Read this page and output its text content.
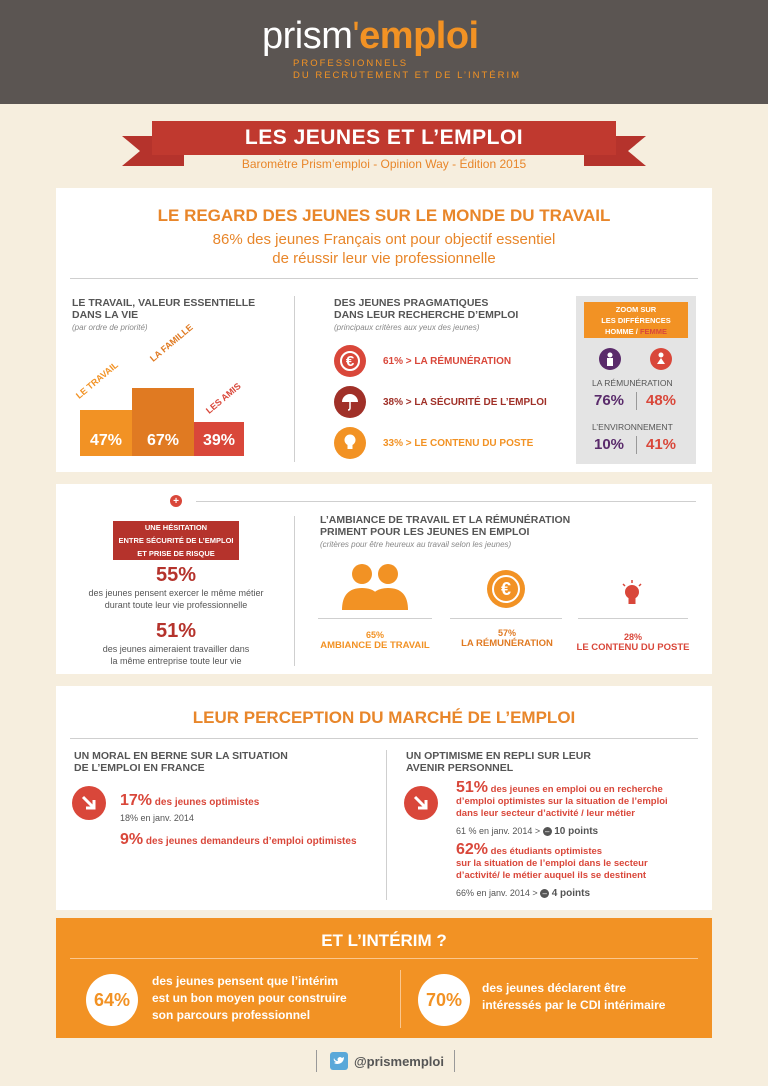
prism'emploi
PROFESSIONNELS
DU RECRUTEMENT ET DE L’INTÉRIM
LES JEUNES ET L’EMPLOI
Baromètre Prism’emploi - Opinion Way - Édition 2015
LE REGARD DES JEUNES SUR LE MONDE DU TRAVAIL
86% des jeunes Français ont pour objectif essentiel
de réussir leur vie professionnelle
LE TRAVAIL, VALEUR ESSENTIELLE
DANS LA VIE
(par ordre de priorité)
47%
LE TRAVAIL
67%
LA FAMILLE
39%
LES AMIS
DES JEUNES PRAGMATIQUES
DANS LEUR RECHERCHE D’EMPLOI
(principaux critères aux yeux des jeunes)
€	61% > LA RÉMUNÉRATION
38% > LA SÉCURITÉ DE L’EMPLOI
33% > LE CONTENU DU POSTE
ZOOM SUR
LES DIFFÉRENCES
HOMME / FEMME
LA RÉMUNÉRATION
76% 48%
L’ENVIRONNEMENT
10% 41%
+
UNE HÉSITATION
ENTRE SÉCURITÉ DE L’EMPLOI
ET PRISE DE RISQUE
55%
des jeunes pensent exercer le même métier
durant toute leur vie professionnelle
51%
des jeunes aimeraient travailler dans
la même entreprise toute leur vie
L’AMBIANCE DE TRAVAIL ET LA RÉMUNÉRATION
PRIMENT POUR LES JEUNES EN EMPLOI
(critères pour être heureux au travail selon les jeunes)
65%
AMBIANCE DE TRAVAIL
€
57%
LA RÉMUNÉRATION
28%
LE CONTENU DU POSTE
LEUR PERCEPTION DU MARCHÉ DE L’EMPLOI
UN MORAL EN BERNE SUR LA SITUATION
DE L’EMPLOI EN FRANCE
17% des jeunes optimistes
18% en janv. 2014
9% des jeunes demandeurs d’emploi optimistes
UN OPTIMISME EN REPLI SUR LEUR
AVENIR PERSONNEL
51% des jeunes en emploi ou en recherche
d’emploi optimistes sur la situation de l’emploi
dans leur secteur d’activité / leur métier
61 % en janv. 2014 > – 10 points
62% des étudiants optimistes
sur la situation de l’emploi dans le secteur
d’activité/ le métier auquel ils se destinent
66% en janv. 2014 > – 4 points
ET L’INTÉRIM ?
64%
des jeunes pensent que l’intérim
est un bon moyen pour construire
son parcours professionnel
70%
des jeunes déclarent être
intéressés par le CDI intérimaire
@prismemploi
